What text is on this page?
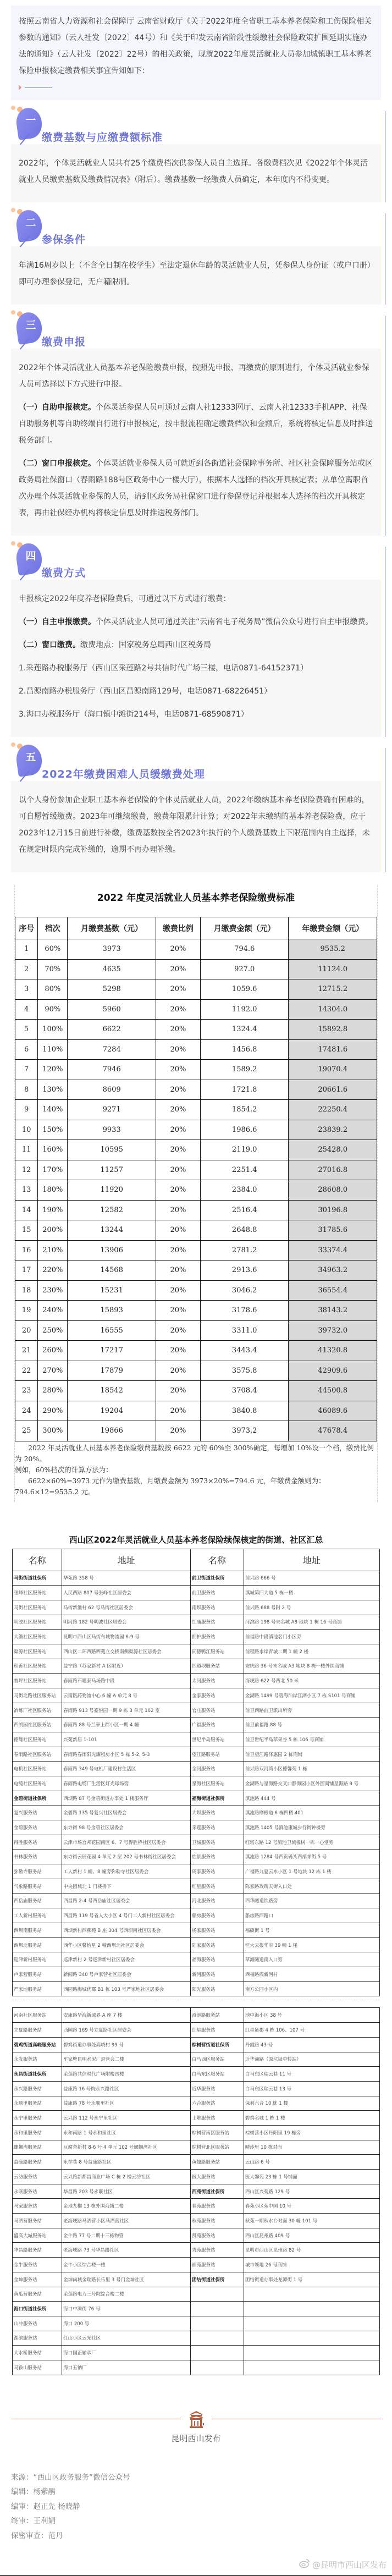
按照云南省人力资源和社会保障厅 云南省财政厅《关于2022年度全省职工基本养老保险和工伤保险相关参数的通知》（云人社发〔2022〕44号）和《关于印发云南省阶段性缓缴社会保险政策扩围延期实施办法的通知》（云人社发〔2022〕22号）的相关政策，现就2022年度灵活就业人员参加城镇职工基本养老保险申报核定缴费相关事宜告知如下：

一
缴费基数与应缴费额标准

2022年，个体灵活就业人员共有25个缴费档次供参保人员自主选择。各缴费档次见《2022年个体灵活就业人员缴费基数及缴费情况表》（附后）。缴费基数一经缴费人员确定，本年度内不得变更。

二
参保条件

年满16周岁以上（不含全日制在校学生）至法定退休年龄的灵活就业人员，凭参保人身份证（或户口册）即可办理参保登记，无户籍限制。

三
缴费申报

2022年个体灵活就业人员基本养老保险缴费申报，按照先申报、再缴费的原则进行，个体灵活就业参保人员可选择以下方式进行申报。

（一）自助申报核定。个体灵活参保人员可通过云南人社12333网厅、云南人社12333手机APP、社保自助服务机等自助终端自行进行申报核定，按申报流程确定缴费档次和金额后，系统将核定信息及时推送税务部门。

（二）窗口申报核定。个体灵活就业参保人员可就近到各街道社会保障事务所、社区社会保障服务站或区政务局社保窗口（春雨路188号区政务中心一楼大厅），根据本人选择的档次开具核定表；从单位离职首次办理个体灵活就业参保的人员，请到区政务局社保窗口进行参保登记并根据本人选择的档次开具核定表，再由社保经办机构将核定信息及时推送税务部门。

四
缴费方式

申报核定2022年度养老保险费后，可通过以下方式进行缴费：

（一）自主申报缴费。个体灵活就业人员可通过关注“云南省电子税务局”微信公众号进行自主申报缴费。

（二）窗口缴费。缴费地点：国家税务总局西山区税务局

1.采莲路办税服务厅（西山区采莲路2号共信时代广场三楼，电话0871-64152371）

2.昌源南路办税服务厅（西山区昌源南路129号，电话0871-68226451）

3.海口办税服务厅（海口镇中滩街214号，电话0871-68590871）

五
2022年缴费困难人员缓缴费处理

以个人身份参加企业职工基本养老保险的个体灵活就业人员，2022年缴纳基本养老保险费确有困难的，可自愿暂缓缴费。2023年可继续缴费，缴费年限累计计算；对2022年未缴纳的基本养老保险费，应于2023年12月15日前进行补缴，缴费基数按全省2023年执行的个人缴费基数上下限范围内自主选择，未在规定时限内完成补缴的，逾期不再办理补缴。

2022 年度灵活就业人员基本养老保险缴费标准
序号	档次	月缴费基数（元）	缴费比例	月缴费金额（元）	年缴费金额（元）
1	60%	3973	20%	794.6	9535.2
2	70%	4635	20%	927.0	11124.0
3	80%	5298	20%	1059.6	12715.2
4	90%	5960	20%	1192.0	14304.0
5	100%	6622	20%	1324.4	15892.8
6	110%	7284	20%	1456.8	17481.6
7	120%	7946	20%	1589.2	19070.4
8	130%	8609	20%	1721.8	20661.6
9	140%	9271	20%	1854.2	22250.4
10	150%	9933	20%	1986.6	23839.2
11	160%	10595	20%	2119.0	25428.0
12	170%	11257	20%	2251.4	27016.8
13	180%	11920	20%	2384.0	28608.0
14	190%	12582	20%	2516.4	30196.8
15	200%	13244	20%	2648.8	31785.6
16	210%	13906	20%	2781.2	33374.4
17	220%	14568	20%	2913.6	34963.2
18	230%	15231	20%	3046.2	36554.4
19	240%	15893	20%	3178.6	38143.2
20	250%	16555	20%	3311.0	39732.0
21	260%	17217	20%	3443.4	41320.8
22	270%	17879	20%	3575.8	42909.6
23	280%	18542	20%	3708.4	44500.8
24	290%	19204	20%	3840.8	46089.6
25	300%	19866	20%	3973.2	47678.4

2022 年灵活就业人员基本养老保险缴费基数按 6622 元的 60%至 300%确定，每增加 10%设一个档，缴费比例为 20%。

例如，60%档次的计算方法为：

6622×60%=3973 元作为缴费基数，月缴费金额为 3973×20%=794.6 元，年缴费金额则为：794.6×12=9535.2 元。

西山区2022年灵活就业人员基本养老保险续保核定的街道、社区汇总
名称	地址	名称	地址
马街街道社保所	华苑路 358 号	前卫街道社保所	前兴路 666 号
张峰社区服务站	人民西路 807 号张峰社区居委会	前卫服务站	滇城第四大道 5 栋一楼
马街社区服务站	马街新渔村 62 号马街社区居委会	南坝服务站	前兴路 688 号附 2 号
明波社区服务站	明河路 182 号明波社区居委会	红庙服务站	河滨路 198 号未名城 A8 地块 1 栋 16 号商铺
大渔社区服务站	昆明市西山区马街东城物流园 6-9 号	拥护服务站	前福路中段滇池名门小区旁
渠源社区服务站	西山区二环西路西苑立交桥南侧渠源社区居委会	同德鸭江服务站	前程路水岸青城二期 1 幢 2 楼
积善社区服务站	益宁路（苏家新村 A 区附近）	四道坝服务站	安庆路 36 号未名城 A3 地块 8 栋一楼外围商铺
普坪社区服务站	春雨路石咀泰马场路中段	太河服务站	海埂路 622 号西北 50 米
马街北路社区服务站	云南医药物流中心 6 幢 A 单元 8 号	金家服务站	金湖路 1499 号碧海泊岸江湖小区 7 栋 S101 号商铺
冶炼厂社区服务站	春雨路 913 号豪悦园一期 9 栋 3 单元 102 室	官庄服务站	前卫西路前卫派出所旁
西朗园社区服务站	春雨路 88 号兰亭上郡小区一期 4 幢	广福服务站	前卫前福路 88 号
德缘社区服务站	兴苑新居 1-101	世纪半岛服务站	前卫世纪半岛苹果谷 5 栋 106 号商铺
春雨路社区服务站	春雨路春雨阳光廉租房小区 5 栋 5-2, 5-3	望江路服务站	前卫望江路泽惠园 2 栋商铺
电机社区服务站	春雨路 349 号电机厂建设村生活区	金河服务站	前兴路双河湾小区德馨苑 1 栋
电缆社区服务站	春雨路电缆厂生活区灯光球场旁	星海社区服务站	金湖路与星海路交叉口静海园小区外围商铺星海路 9 号
金碧街道社保所	西坝路 87 号金碧街道办事处 1 楼服务厅	福海街道社保所	滇池路 444 号
复兴服务站	金碧路 135 号复兴社区居委会	大坝服务站	滇池路摩根道 6 栋四楼 401
金碧服务站	东寺街 98 号金碧社区居委会	采莲服务站	滇池路 1405 号滇池康城步行街钟楼旁
得胜服务站	云津市场宫邦花园南区 6、7 号得胜桥社区居委会	卫城服务站	红塔东路 12 号滇池卫城橡树一栋一心堂旁
书林服务站	东寺街云辰花园 4 单元 2 层 202 号书林街社区居委会	怡景服务站	滇池路 1284 号西贡码头西部邮街 5 号
弥勒寺服务站	工人新村 1 幢、8 幢旁弥勒寺社区居委会	周家服务站	广福路九夏云水小区 1 号地块 12 栋 1 楼
气象路服务站	中央团城北 1 门楼桥下	红星服务站	陈家路玫瑰天街入口处
西岳庙服务站	西昌路 2-4 号西岳庙社区居委会	河北服务站	西华隧道铁路旁
工人新村服务站	西昌路 119 号省人大小区 4 号门工人新村社区居委会	船房服务站	船房路西路口
西坝南服务站	西坝新村西燕苑 B 座 304 号西坝南社区居委会	杨家服务站	福硕街 1 号
西坝北服务站	西华小区馨怡星 2 幢西坝北社区居委会	陆家服务站	恒大云报华府 39 幢 1 楼
巡津新村服务站	巡津新村 2 号巡津新村社区居委会	福海服务站	草海隧道南入口旁
卢家营服务站	新闻路 340 号卢家营社区居委会	新河服务站	西福路底新河村
严家地服务站	西园路海城优郡 B1 栋 103 号严家地社区居委会	阳光服务站	南方公园小区内
河南社区服务站	安康路华海新城界 A 座 7 楼	滇池路服务站	地中海小区 38 号
立夏路服务站	西园路 169 号立夏路社区居委会	红星服务站	红星紫郡 4 栋 106、107 号
碧鸡街道高峣服务站	碧鸡街道办事处高峣村 99 号	棕树营街道社保所	丹霞路 43 号
永发服务站	车家壁昆明水泥厂退管会二楼	白马西区服务站	近华浦路（原垃圾中转站）
永昌街道社保所	采莲路共信时代广场附楼四楼	白马东区服务站	白马东区瑞云巷 11 号
永兴路服务站	益康路 16 号院永兴路社区	近华服务站	白马东区瑞云巷 13 号
永顺里服务站	益康路 78 号永顺里社区	六合服务站	保利六合 10 栋 1 楼
永宁里服务站	云兴路 112 号永宁里社区	土堆服务站	碧鸡名城 1 栋 1 楼
永和里服务站	永和南路 1 号永和里社区	棕树营南区服务站	棕树营小区丹阳里 19 栋旁
螺蛳湾服务站	豆腐营新村 8-6 号 4 单元 102 号螺蛳湾社区	棕树营北区服务站	晴沙里 10 栋对面
益康路服务站	永学巷 8 号益康路社区	鱼翅路服务站	云山路 6 号
云纺服务站	云兴路新都昌商业广场 C 栋 2 楼云纺社区	医大服务站	医大馨苑 23 栋 1 号铺面
永联服务站	华昌路 203 号永联社区	西苑街道社保所	西山区兴苑路 129 号
马家服务站	金地九樾 13 栋外围商铺二楼	春苑服务站	春苑小区苑中园 10 号
马洒营服务站	老海埂路马洒营小区马洒营社区	秋苑服务站	秋苑一期秋水台对面 30 幢 101 号
盛高大城服务站	金牛路 77 号二期十三栋物管	凯苑服务站	西山区昆州路 409 号
华昌路服务站	老海埂路 73 号华昌路社区	秀苑服务站	昆明市西山区昆州路 82 号
金牛服务站	金牛小区综合楼一楼	丽苑服务站	城市领地 26 号商铺
金坤服务站	金坤尚城金瑞路长乐里 3 号门金坤社区	团结街道社保所	团结街道办事处龙潭街 1 号
黄瓜营服务站	采莲路电力三号院综合楼二楼		
海口街道社保所	海口中滩街 76 号		
山冲服务站	海口 200 号		
湖滨服务站	红山小区云光社区		
大水桥服务站	海口国正轴承厂		
马鞍山服务站	海口五钠厂		
昆明西山发布
来源：“西山区政务服务”微信公众号
编辑：杨紫鹃
编审：赵正先 杨晓静
终审：王利娟
保密审查：范丹
@昆明市西山区发布
